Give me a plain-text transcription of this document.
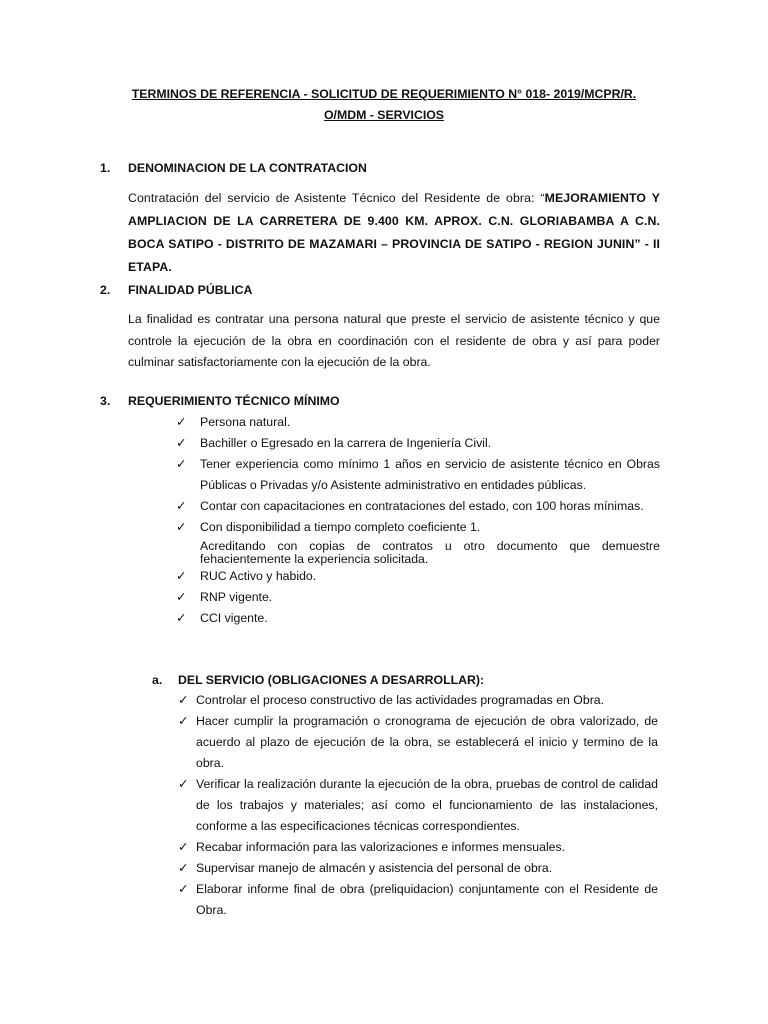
TERMINOS DE REFERENCIA - SOLICITUD DE REQUERIMIENTO N° 018- 2019/MCPR/R.
O/MDM - SERVICIOS
1.	DENOMINACION DE LA CONTRATACION
Contratación del servicio de Asistente Técnico del Residente de obra: “MEJORAMIENTO Y AMPLIACION DE LA CARRETERA DE 9.400 KM. APROX. C.N. GLORIABAMBA A C.N. BOCA SATIPO - DISTRITO DE MAZAMARI – PROVINCIA DE SATIPO - REGION JUNIN” - II ETAPA.
2.	FINALIDAD PÚBLICA
La finalidad es contratar una persona natural que preste el servicio de asistente técnico y que controle la ejecución de la obra en coordinación con el residente de obra y así para poder culminar satisfactoriamente con la ejecución de la obra.
3.	REQUERIMIENTO TÉCNICO MÍNIMO
✓	Persona natural.
✓	Bachiller o Egresado en la carrera de Ingeniería Civil.
✓	Tener experiencia como mínimo 1 años en servicio de asistente técnico en Obras Públicas o Privadas y/o Asistente administrativo en entidades públicas.
✓	Contar con capacitaciones en contrataciones del estado, con 100 horas mínimas.
✓	Con disponibilidad a tiempo completo coeficiente 1.
Acreditando con copias de contratos u otro documento que demuestre fehacientemente la experiencia solicitada.
✓	RUC Activo y habido.
✓	RNP vigente.
✓	CCI vigente.
a.	DEL SERVICIO (OBLIGACIONES A DESARROLLAR):
✓ Controlar el proceso constructivo de las actividades programadas en Obra.
✓ Hacer cumplir la programación o cronograma de ejecución de obra valorizado, de acuerdo al plazo de ejecución de la obra, se establecerá el inicio y termino de la obra.
✓ Verificar la realización durante la ejecución de la obra, pruebas de control de calidad de los trabajos y materiales; así como el funcionamiento de las instalaciones, conforme a las especificaciones técnicas correspondientes.
✓ Recabar información para las valorizaciones e informes mensuales.
✓ Supervisar manejo de almacén y asistencia del personal de obra.
✓ Elaborar informe final de obra (preliquidacion) conjuntamente con el Residente de Obra.
